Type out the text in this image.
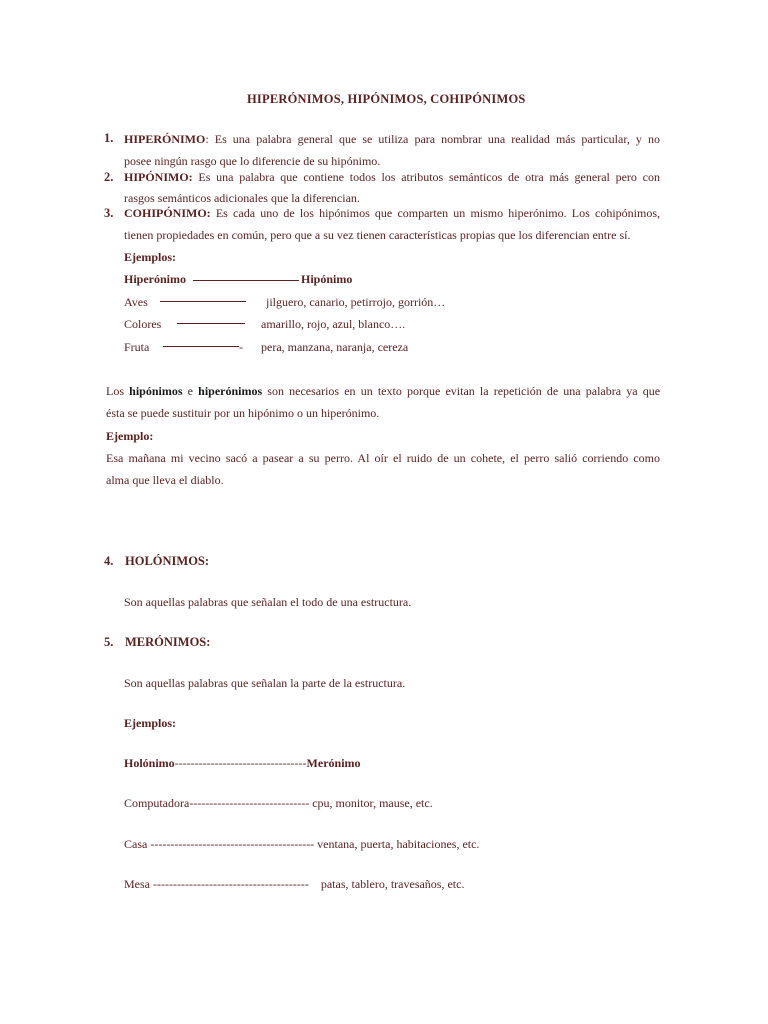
HIPERÓNIMOS, HIPÓNIMOS, COHIPÓNIMOS
1. HIPERÓNIMO: Es una palabra general que se utiliza para nombrar una realidad más particular, y no
posee ningún rasgo que lo diferencie de su hipónimo.
2. HIPÓNIMO: Es una palabra que contiene todos los atributos semánticos de otra más general pero con
rasgos semánticos adicionales que la diferencian.
3. COHIPÓNIMO: Es cada uno de los hipónimos que comparten un mismo hiperónimo. Los cohipónimos,
tienen propiedades en común, pero que a su vez tienen características propias que los diferencian entre sí.
Ejemplos:
Hiperónimo	Hipónimo
Aves	jilguero, canario, petirrojo, gorrión…
Colores	amarillo, rojo, azul, blanco….
Fruta	- pera, manzana, naranja, cereza
Los hipónimos e hiperónimos son necesarios en un texto porque evitan la repetición de una palabra ya que
ésta se puede sustituir por un hipónimo o un hiperónimo.
Ejemplo:
Esa mañana mi vecino sacó a pasear a su perro. Al oír el ruido de un cohete, el perro salió corriendo como
alma que lleva el diablo.
4. HOLÓNIMOS:
Son aquellas palabras que señalan el todo de una estructura.
5. MERÓNIMOS:
Son aquellas palabras que señalan la parte de la estructura.
Ejemplos:
Holónimo---------------------------------Merónimo
Computadora------------------------------ cpu, monitor, mause, etc.
Casa ----------------------------------------- ventana, puerta, habitaciones, etc.
Mesa ---------------------------------------    patas, tablero, travesaños, etc.
